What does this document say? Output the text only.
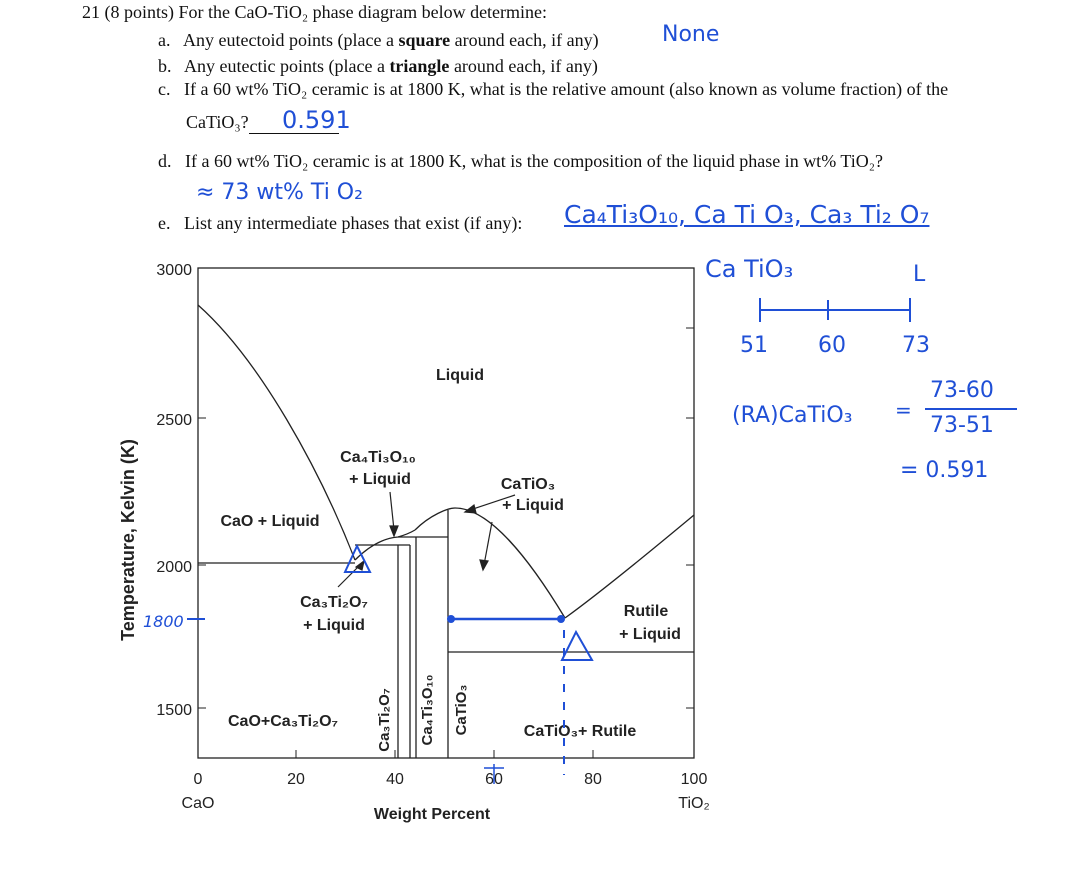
21 (8 points) For the CaO-TiO₂ phase diagram below determine:
a. Any eutectoid points (place a square around each, if any)	None
b. Any eutectic points (place a triangle around each, if any)
c. If a 60 wt% TiO₂ ceramic is at 1800 K, what is the relative amount (also known as volume fraction) of the
CaTiO₃?	0.591
d. If a 60 wt% TiO₂ ceramic is at 1800 K, what is the composition of the liquid phase in wt% TiO₂?
≈ 73 wt% Ti O₂
e. List any intermediate phases that exist (if any): Ca₄Ti₃O₁₀, Ca Ti O₃, Ca₃ Ti₂ O₇
Ca TiO₃	L
51 60	73
(RA)CaTiO₃ =
73-60
73-51
= 0.591
3000
2500
2000
1500
0	20	40	60	80	100
CaO	TiO₂
Weight Percent
Temperature, Kelvin (K)
Liquid
CaO + Liquid
Ca₄Ti₃O₁₀
+ Liquid	CaTiO₃
+ Liquid
Ca₃Ti₂O₇
+ Liquid
Rutile
+ Liquid
CaO+Ca₃Ti₂O₇
CaTiO₃+ Rutile
Ca₃Ti₂O₇ Ca₄Ti₃O₁₀ CaTiO₃
1800
